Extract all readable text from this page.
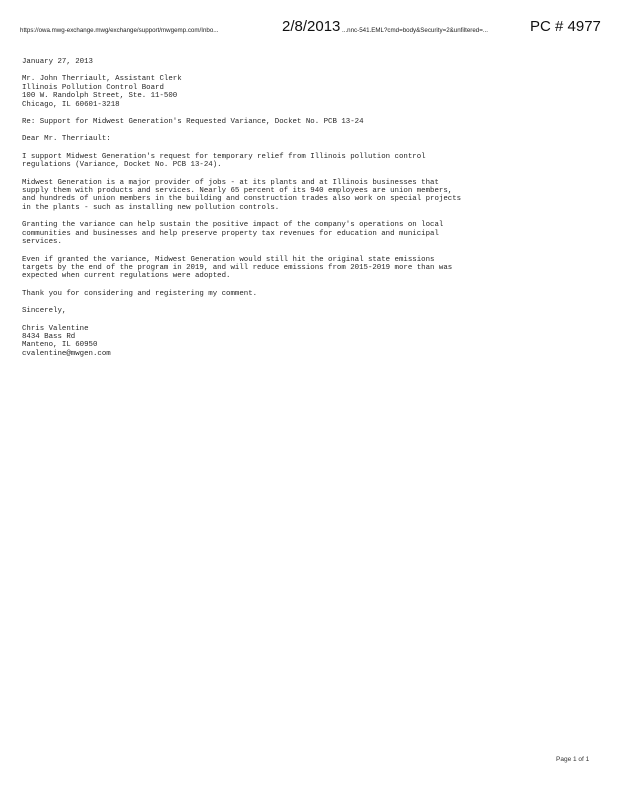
https://owa.mwg-exchange.mwg/exchange/support/mwgemp.com/Inbo...	2/8/2013 ...nnc-541.EML?cmd=body&Security=2&unfiltered=...	PC # 4977
January 27, 2013
Mr. John Therriault, Assistant Clerk
Illinois Pollution Control Board
100 W. Randolph Street, Ste. 11-500
Chicago, IL 60601-3218
Re: Support for Midwest Generation's Requested Variance, Docket No. PCB 13-24
Dear Mr. Therriault:
I support Midwest Generation's request for temporary relief from Illinois pollution control
regulations (Variance, Docket No. PCB 13-24).
Midwest Generation is a major provider of jobs - at its plants and at Illinois businesses that
supply them with products and services. Nearly 65 percent of its 940 employees are union members,
and hundreds of union members in the building and construction trades also work on special projects
in the plants - such as installing new pollution controls.
Granting the variance can help sustain the positive impact of the company's operations on local
communities and businesses and help preserve property tax revenues for education and municipal
services.
Even if granted the variance, Midwest Generation would still hit the original state emissions
targets by the end of the program in 2019, and will reduce emissions from 2015-2019 more than was
expected when current regulations were adopted.
Thank you for considering and registering my comment.
Sincerely,
Chris Valentine
8434 Bass Rd
Manteno, IL 60950
cvalentine@mwgen.com
Page 1 of 1
